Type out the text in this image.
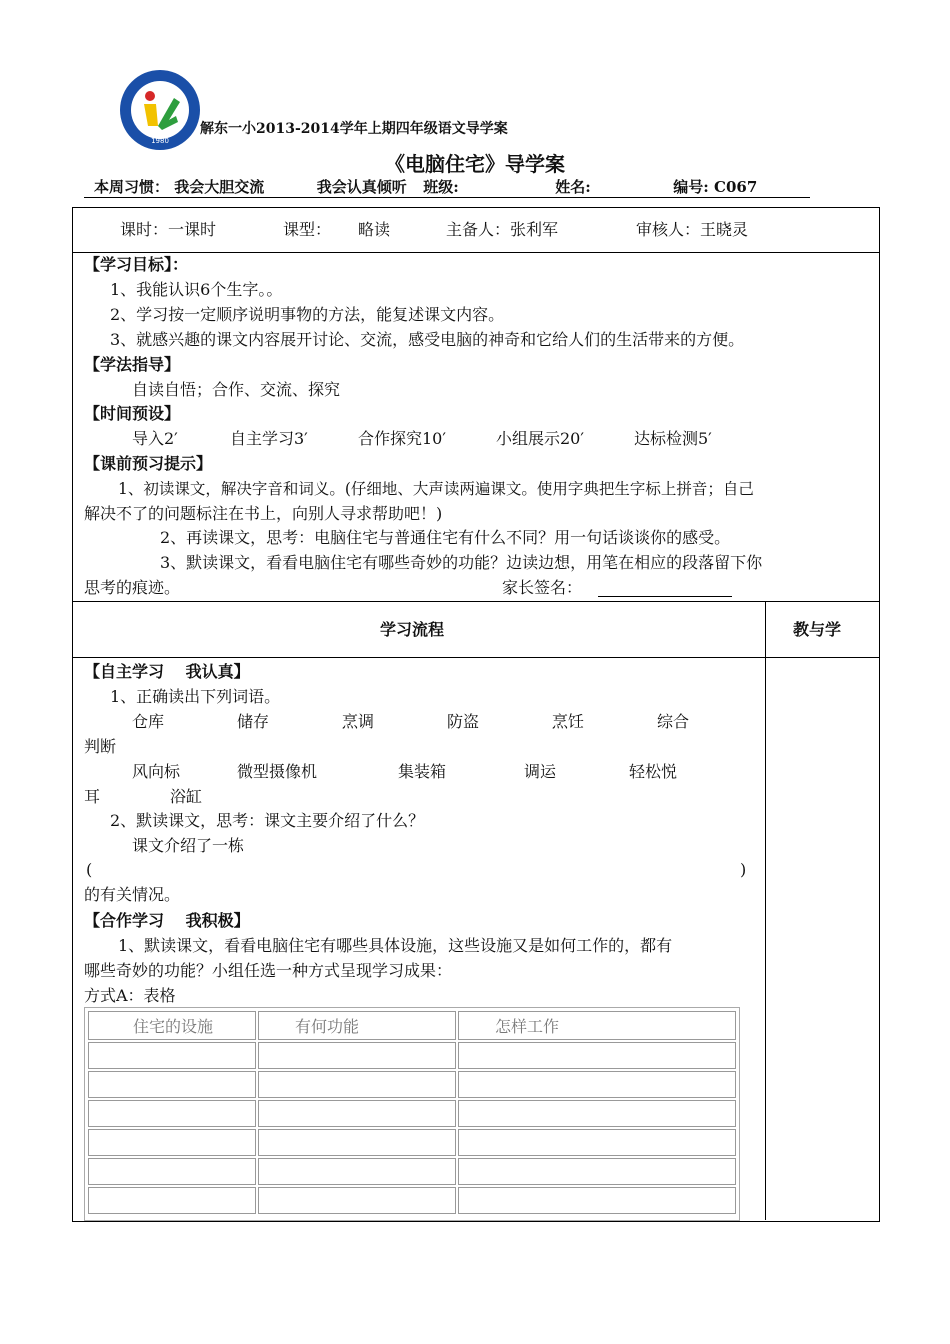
1980
解东一小2013-2014学年上期四年级语文导学案
《电脑住宅》导学案
本周习惯： 我会大胆交流	我会认真倾听 班级:	姓名:	编号: C067
课时：一课时	课型： 略读	主备人：张利军	审核人：王晓灵
【学习目标】：
1、我能认识6个生字。。
2、学习按一定顺序说明事物的方法，能复述课文内容。
3、就感兴趣的课文内容展开讨论、交流，感受电脑的神奇和它给人们的生活带来的方便。
【学法指导】
自读自悟；合作、交流、探究
【时间预设】
导入2′	自主学习3′	合作探究10′	小组展示20′	达标检测5′
【课前预习提示】
1、初读课文，解决字音和词义。(仔细地、大声读两遍课文。使用字典把生字标上拼音；自己
解决不了的问题标注在书上，向别人寻求帮助吧！)
2、再读课文，思考：电脑住宅与普通住宅有什么不同？用一句话谈谈你的感受。
3、默读课文，看看电脑住宅有哪些奇妙的功能？边读边想，用笔在相应的段落留下你
思考的痕迹。	家长签名：
学习流程	教与学
【自主学习　 我认真】
1、正确读出下列词语。
仓库	储存	烹调	防盗	烹饪	综合
判断
风向标	微型摄像机	集装箱	调运	轻松悦
耳	浴缸
2、默读课文，思考：课文主要介绍了什么？
课文介绍了一栋
(	)
的有关情况。
【合作学习　 我积极】
1、默读课文，看看电脑住宅有哪些具体设施，这些设施又是如何工作的，都有
哪些奇妙的功能？小组任选一种方式呈现学习成果：
方式A：表格
住宅的设施	有何功能	怎样工作
